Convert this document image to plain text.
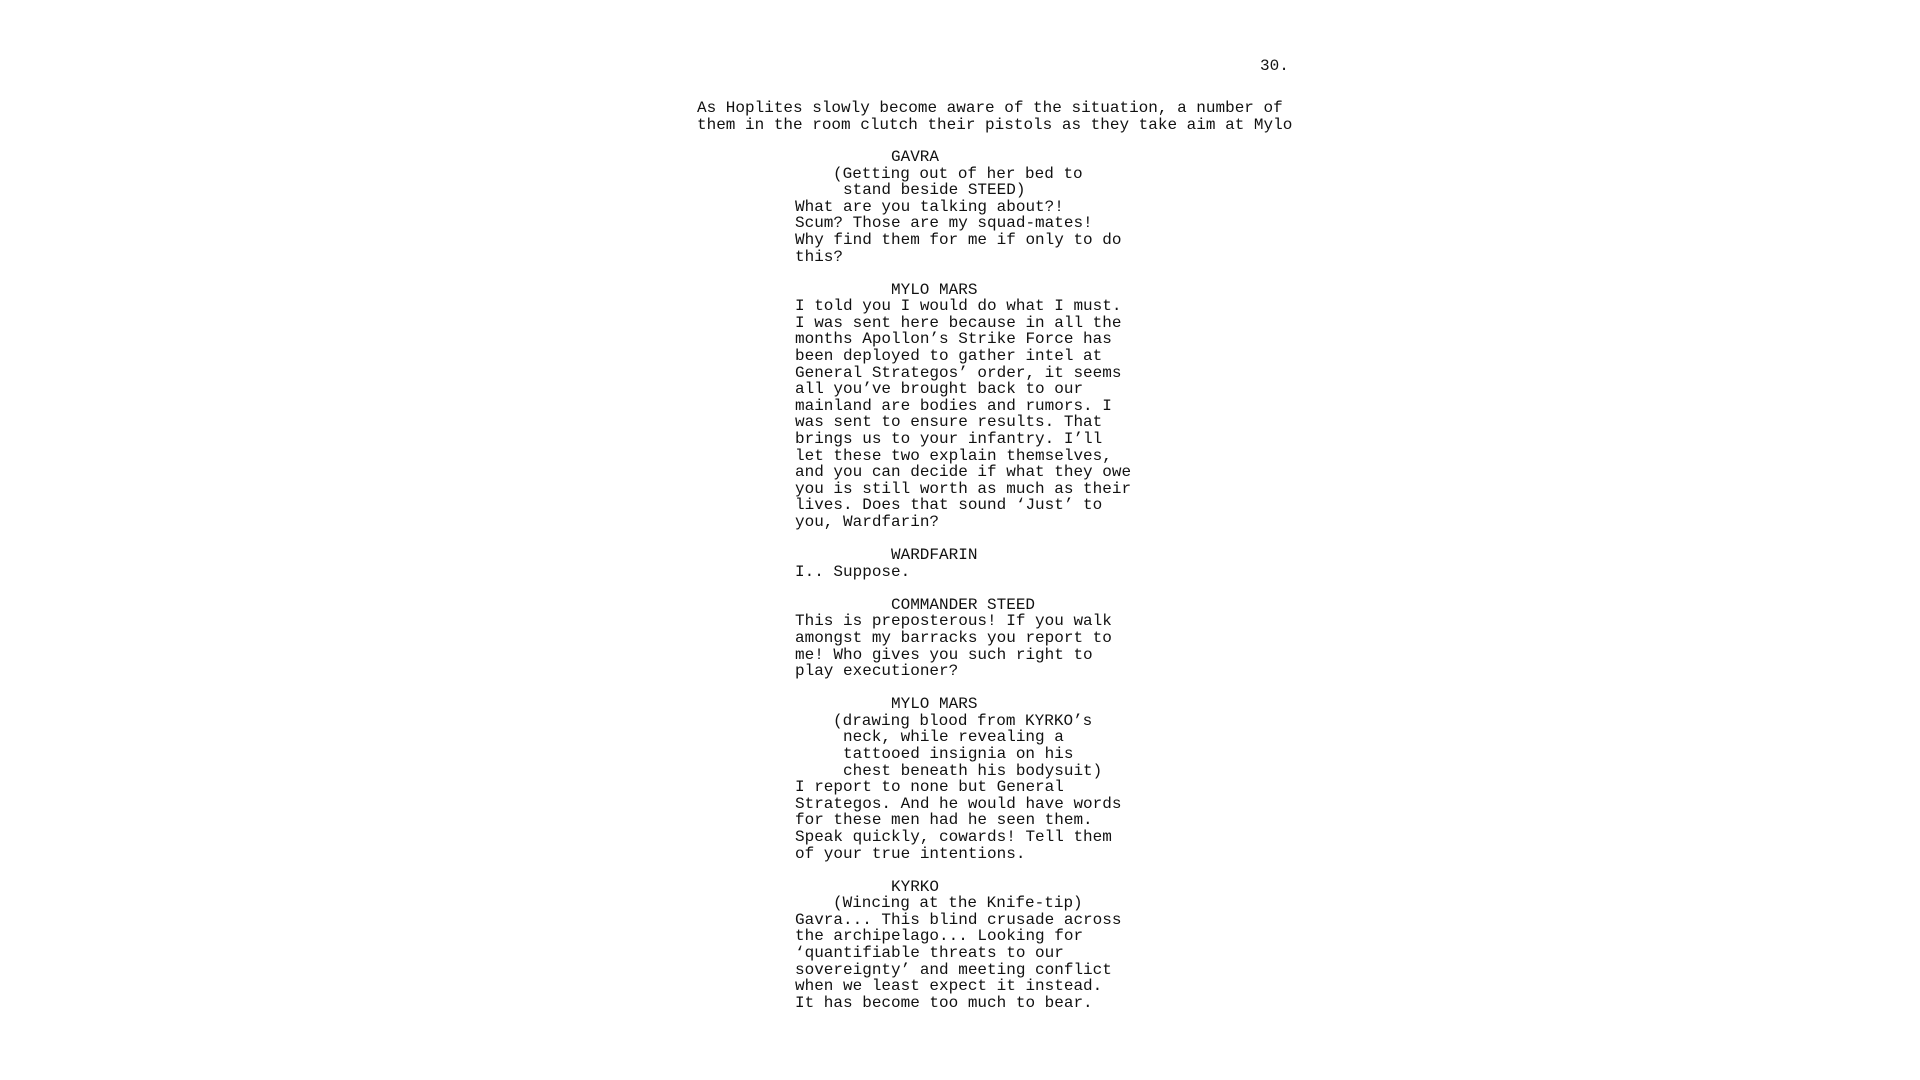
30.
As Hoplites slowly become aware of the situation, a number of
them in the room clutch their pistols as they take aim at Mylo
GAVRA
(Getting out of her bed to
stand beside STEED)
What are you talking about?!
Scum? Those are my squad-mates!
Why find them for me if only to do
this?
MYLO MARS
I told you I would do what I must.
I was sent here because in all the
months Apollon’s Strike Force has
been deployed to gather intel at
General Strategos’ order, it seems
all you’ve brought back to our
mainland are bodies and rumors. I
was sent to ensure results. That
brings us to your infantry. I’ll
let these two explain themselves,
and you can decide if what they owe
you is still worth as much as their
lives. Does that sound ‘Just’ to
you, Wardfarin?
WARDFARIN
I.. Suppose.
COMMANDER STEED
This is preposterous! If you walk
amongst my barracks you report to
me! Who gives you such right to
play executioner?
MYLO MARS
(drawing blood from KYRKO’s
neck, while revealing a
tattooed insignia on his
chest beneath his bodysuit)
I report to none but General
Strategos. And he would have words
for these men had he seen them.
Speak quickly, cowards! Tell them
of your true intentions.
KYRKO
(Wincing at the Knife-tip)
Gavra... This blind crusade across
the archipelago... Looking for
‘quantifiable threats to our
sovereignty’ and meeting conflict
when we least expect it instead.
It has become too much to bear.
